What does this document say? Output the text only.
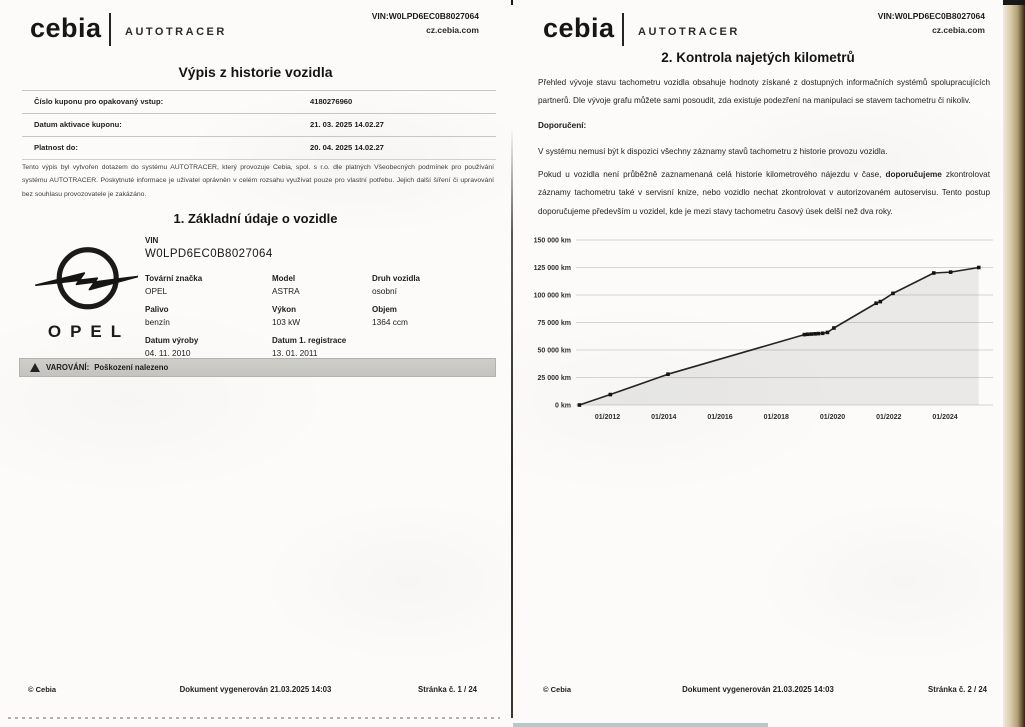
cebia AUTOTRACER
VIN:W0LPD6EC0B8027064
cz.cebia.com
Výpis z historie vozidla
Číslo kuponu pro opakovaný vstup:	4180276960
Datum aktivace kuponu:	21. 03. 2025 14.02.27
Platnost do:	20. 04. 2025 14.02.27

Tento výpis byl vytvořen dotazem do systému AUTOTRACER, který provozuje Cebia, spol. s r.o. dle platných Všeobecných podmínek pro používání systému AUTOTRACER. Poskytnuté informace je uživatel oprávněn v celém rozsahu využívat pouze pro vlastní potřebu. Jejich další šíření či upravování bez souhlasu provozovatele je zakázáno.

1. Základní údaje o vozidle
OPEL
VIN
W0LPD6EC0B8027064
Tovární značka
OPEL
Model
ASTRA
Druh vozidla
osobní
Palivo
benzín
Výkon
103 kW
Objem
1364 ccm
Datum výroby
04. 11. 2010
Datum 1. registrace
13. 01. 2011
VAROVÁNÍ: Poškození nalezeno
© Cebia	Dokument vygenerován 21.03.2025 14:03	Stránka č. 1 / 24
cebia AUTOTRACER
VIN:W0LPD6EC0B8027064
cz.cebia.com
2. Kontrola najetých kilometrů

Přehled vývoje stavu tachometru vozidla obsahuje hodnoty získané z dostupných informačních systémů spolupracujících partnerů. Dle vývoje grafu můžete sami posoudit, zda existuje podezření na manipulaci se stavem tachometru či nikoliv.

Doporučení:

V systému nemusí být k dispozici všechny záznamy stavů tachometru z historie provozu vozidla.

Pokud u vozidla není průběžně zaznamenaná celá historie kilometrového nájezdu v čase, doporučujeme zkontrolovat záznamy tachometru také v servisní knize, nebo vozidlo nechat zkontrolovat v autorizovaném autoservisu. Tento postup doporučujeme především u vozidel, kde je mezi stavy tachometru časový úsek delší než dva roky.

150 000 km
125 000 km
100 000 km
75 000 km
50 000 km
25 000 km
0 km
01/2012	01/2014	01/2016	01/2018	01/2020	01/2022	01/2024
© Cebia	Dokument vygenerován 21.03.2025 14:03	Stránka č. 2 / 24
